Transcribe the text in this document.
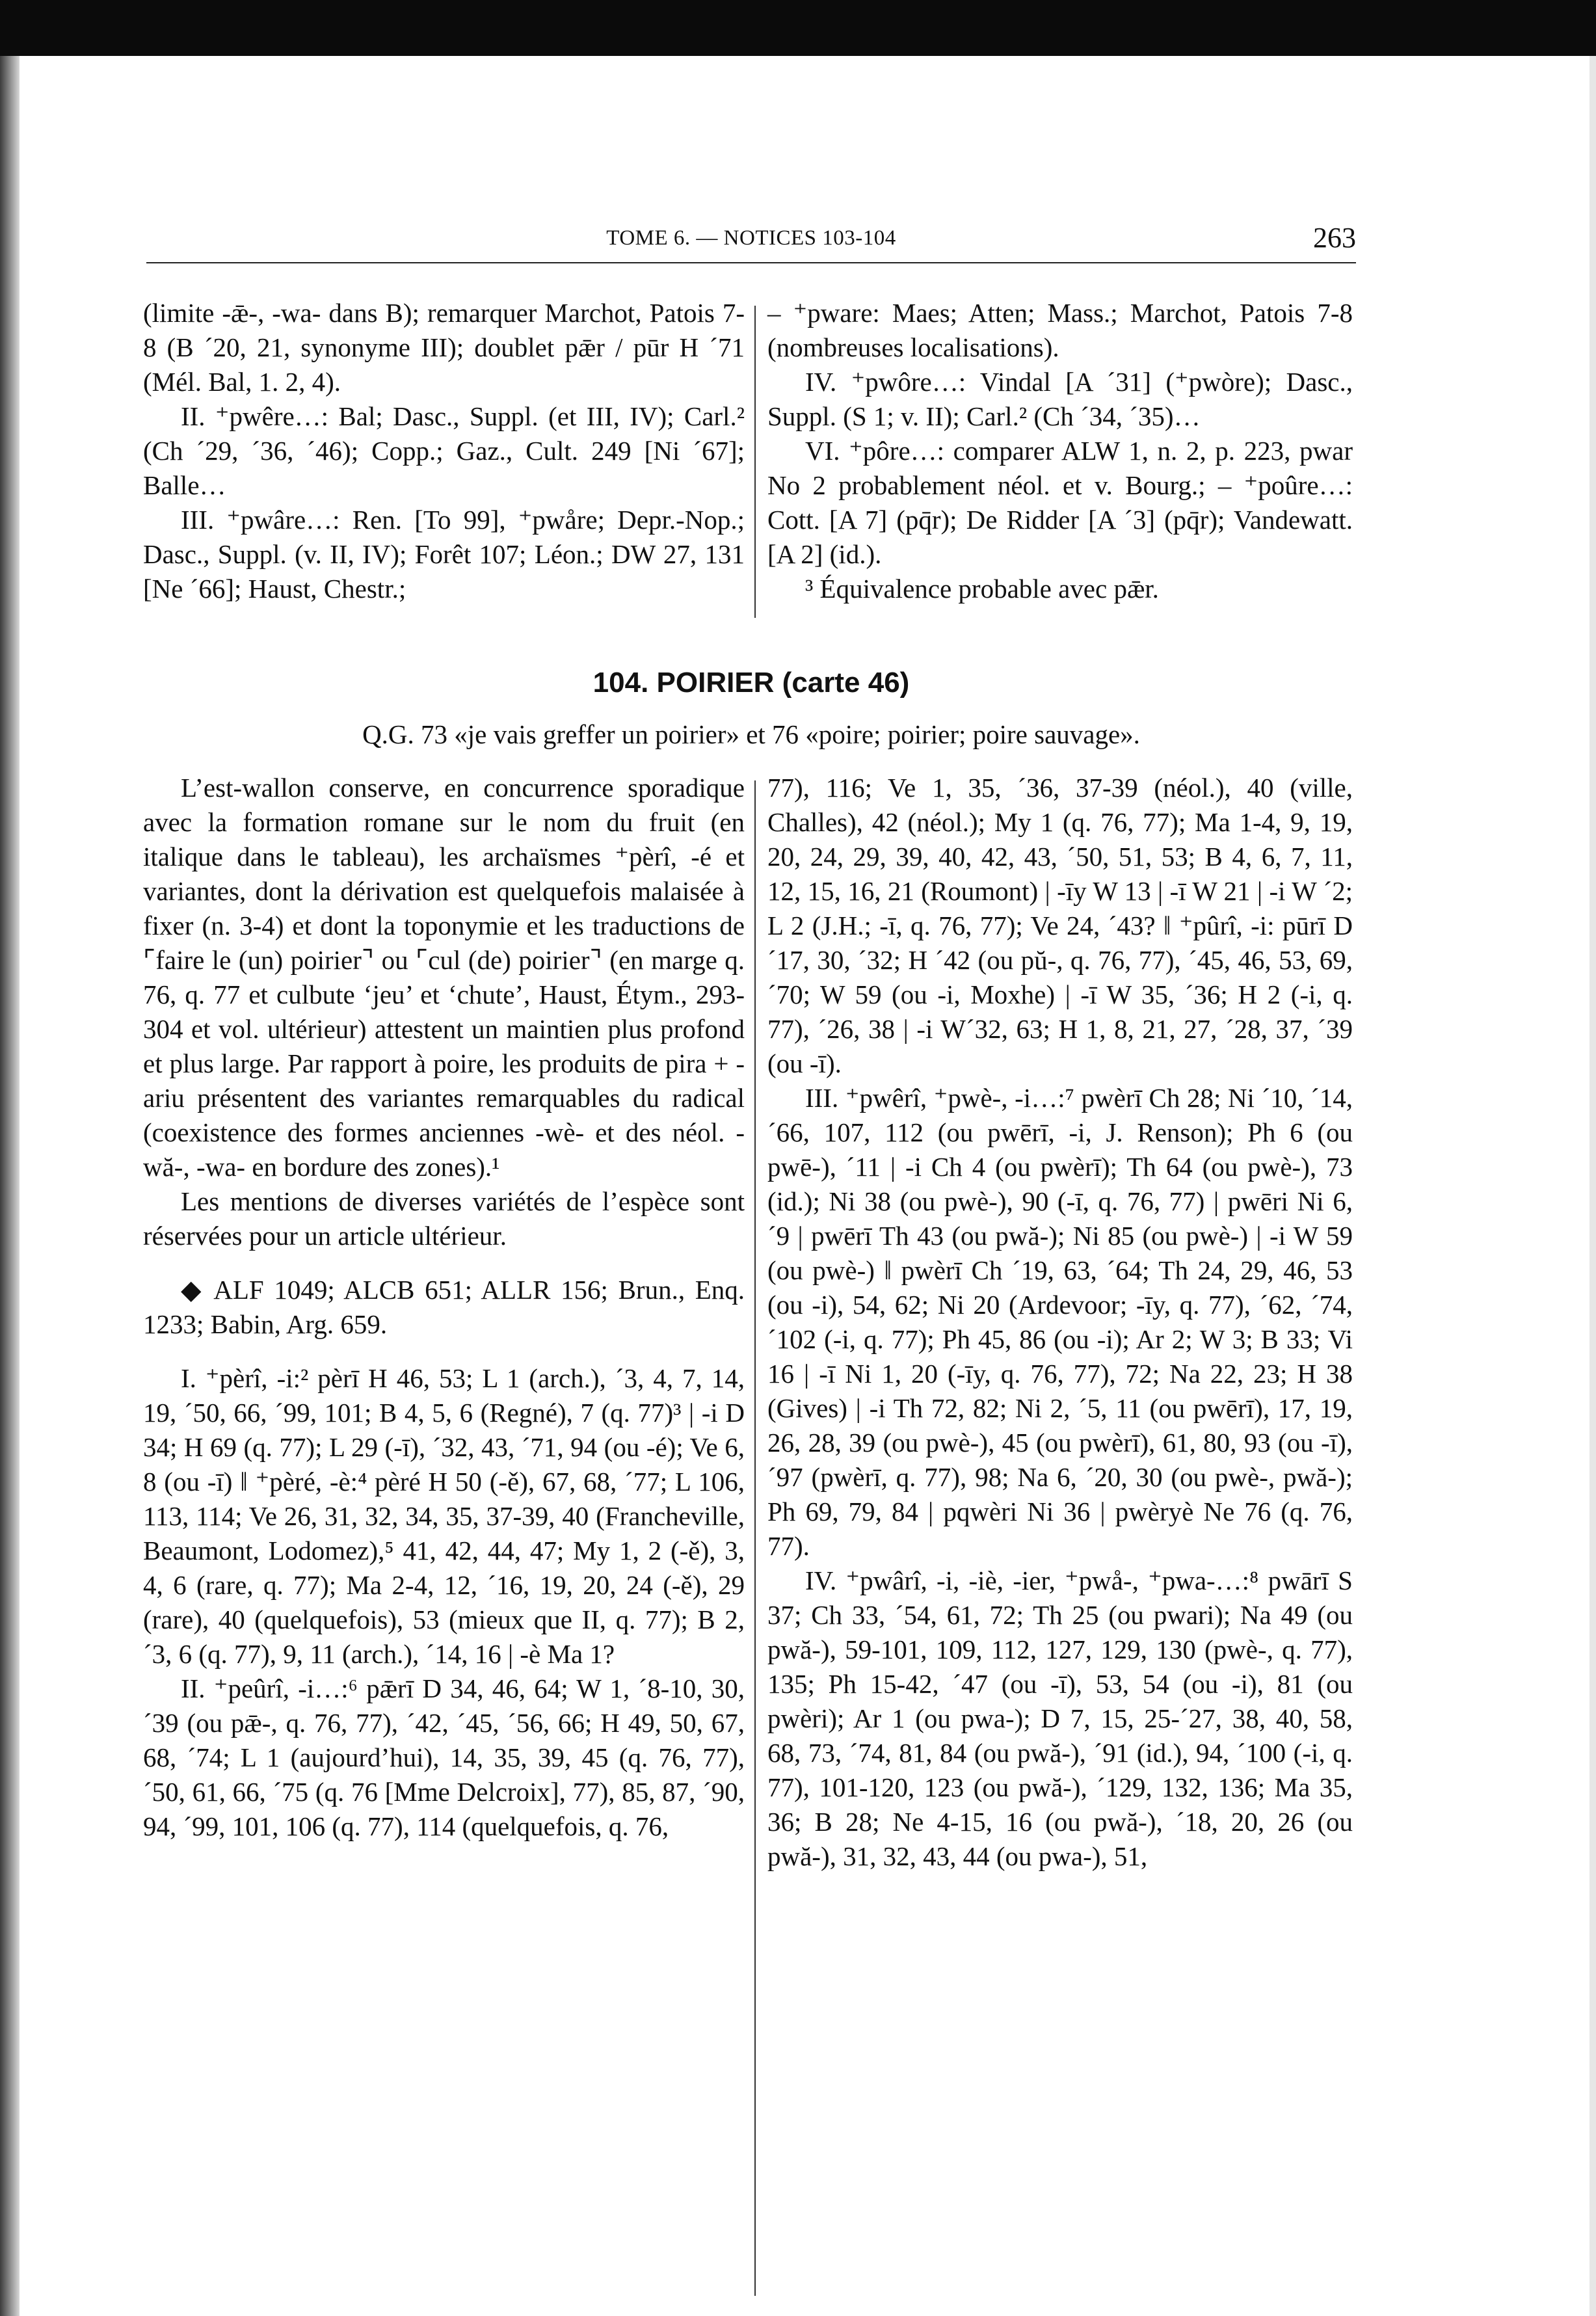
TOME 6. — NOTICES 103-104	263

(limite -ǣ-, -wa- dans B); remarquer Marchot, Patois 7-8 (B ´20, 21, synonyme III); doublet pǣr / pūr H ´71 (Mél. Bal, 1. 2, 4).

II. ⁺pwêre…: Bal; Dasc., Suppl. (et III, IV); Carl.² (Ch ´29, ´36, ´46); Copp.; Gaz., Cult. 249 [Ni ´67]; Balle…

III. ⁺pwâre…: Ren. [To 99], ⁺pwåre; Depr.-Nop.; Dasc., Suppl. (v. II, IV); Forêt 107; Léon.; DW 27, 131 [Ne ´66]; Haust, Chestr.;

– ⁺pware: Maes; Atten; Mass.; Marchot, Patois 7-8 (nombreuses localisations).

IV. ⁺pwôre…: Vindal [A ´31] (⁺pwòre); Dasc., Suppl. (S 1; v. II); Carl.² (Ch ´34, ´35)…

VI. ⁺pôre…: comparer ALW 1, n. 2, p. 223, pwar No 2 probablement néol. et v. Bourg.; – ⁺poûre…: Cott. [A 7] (pq̄r); De Ridder [A ´3] (pq̄r); Vandewatt. [A 2] (id.).

³ Équivalence probable avec pǣr.

104. POIRIER (carte 46)
Q.G. 73 «je vais greffer un poirier» et 76 «poire; poirier; poire sauvage».

L’est-wallon conserve, en concurrence sporadique avec la formation romane sur le nom du fruit (en italique dans le tableau), les archaïsmes ⁺pèrî, -é et variantes, dont la dérivation est quelquefois malaisée à fixer (n. 3-4) et dont la toponymie et les traductions de ⌜faire le (un) poirier⌝ ou ⌜cul (de) poirier⌝ (en marge q. 76, q. 77 et culbute ‘jeu’ et ‘chute’, Haust, Étym., 293-304 et vol. ultérieur) attestent un maintien plus profond et plus large. Par rapport à poire, les produits de pira + -ariu présentent des variantes remarquables du radical (coexistence des formes anciennes -wè- et des néol. -wă-, -wa- en bordure des zones).¹

Les mentions de diverses variétés de l’espèce sont réservées pour un article ultérieur.

◆ ALF 1049; ALCB 651; ALLR 156; Brun., Enq. 1233; Babin, Arg. 659.

I. ⁺pèrî, -i:² pèrī H 46, 53; L 1 (arch.), ´3, 4, 7, 14, 19, ´50, 66, ´99, 101; B 4, 5, 6 (Regné), 7 (q. 77)³ | -i D 34; H 69 (q. 77); L 29 (-ī), ´32, 43, ´71, 94 (ou -é); Ve 6, 8 (ou -ī) ‖ ⁺pèré, -è:⁴ pèré H 50 (-ě), 67, 68, ´77; L 106, 113, 114; Ve 26, 31, 32, 34, 35, 37-39, 40 (Francheville, Beaumont, Lodomez),⁵ 41, 42, 44, 47; My 1, 2 (-ě), 3, 4, 6 (rare, q. 77); Ma 2-4, 12, ´16, 19, 20, 24 (-ě), 29 (rare), 40 (quelquefois), 53 (mieux que II, q. 77); B 2, ´3, 6 (q. 77), 9, 11 (arch.), ´14, 16 | -è Ma 1?

II. ⁺peûrî, -i…:⁶ pǣrī D 34, 46, 64; W 1, ´8-10, 30, ´39 (ou pǣ-, q. 76, 77), ´42, ´45, ´56, 66; H 49, 50, 67, 68, ´74; L 1 (aujourd’hui), 14, 35, 39, 45 (q. 76, 77), ´50, 61, 66, ´75 (q. 76 [Mme Delcroix], 77), 85, 87, ´90, 94, ´99, 101, 106 (q. 77), 114 (quelquefois, q. 76,

77), 116; Ve 1, 35, ´36, 37-39 (néol.), 40 (ville, Challes), 42 (néol.); My 1 (q. 76, 77); Ma 1-4, 9, 19, 20, 24, 29, 39, 40, 42, 43, ´50, 51, 53; B 4, 6, 7, 11, 12, 15, 16, 21 (Roumont) | -īy W 13 | -ī W 21 | -i W ´2; L 2 (J.H.; -ī, q. 76, 77); Ve 24, ´43? ‖ ⁺pûrî, -i: pūrī D ´17, 30, ´32; H ´42 (ou pŭ-, q. 76, 77), ´45, 46, 53, 69, ´70; W 59 (ou -i, Moxhe) | -ī W 35, ´36; H 2 (-i, q. 77), ´26, 38 | -i W´32, 63; H 1, 8, 21, 27, ´28, 37, ´39 (ou -ī).

III. ⁺pwêrî, ⁺pwè-, -i…:⁷ pwèrī Ch 28; Ni ´10, ´14, ´66, 107, 112 (ou pwērī, -i, J. Renson); Ph 6 (ou pwē-), ´11 | -i Ch 4 (ou pwèrī); Th 64 (ou pwè-), 73 (id.); Ni 38 (ou pwè-), 90 (-ī, q. 76, 77) | pwēri Ni 6, ´9 | pwērī Th 43 (ou pwă-); Ni 85 (ou pwè-) | -i W 59 (ou pwè-) ‖ pwèrī Ch ´19, 63, ´64; Th 24, 29, 46, 53 (ou -i), 54, 62; Ni 20 (Ardevoor; -īy, q. 77), ´62, ´74, ´102 (-i, q. 77); Ph 45, 86 (ou -i); Ar 2; W 3; B 33; Vi 16 | -ī Ni 1, 20 (-īy, q. 76, 77), 72; Na 22, 23; H 38 (Gives) | -i Th 72, 82; Ni 2, ´5, 11 (ou pwērī), 17, 19, 26, 28, 39 (ou pwè-), 45 (ou pwèrī), 61, 80, 93 (ou -ī), ´97 (pwèrī, q. 77), 98; Na 6, ´20, 30 (ou pwè-, pwă-); Ph 69, 79, 84 | pqwèri Ni 36 | pwèryè Ne 76 (q. 76, 77).

IV. ⁺pwârî, -i, -iè, -ier, ⁺pwå-, ⁺pwa-…:⁸ pwārī S 37; Ch 33, ´54, 61, 72; Th 25 (ou pwari); Na 49 (ou pwă-), 59-101, 109, 112, 127, 129, 130 (pwè-, q. 77), 135; Ph 15-42, ´47 (ou -ī), 53, 54 (ou -i), 81 (ou pwèri); Ar 1 (ou pwa-); D 7, 15, 25-´27, 38, 40, 58, 68, 73, ´74, 81, 84 (ou pwă-), ´91 (id.), 94, ´100 (-i, q. 77), 101-120, 123 (ou pwă-), ´129, 132, 136; Ma 35, 36; B 28; Ne 4-15, 16 (ou pwă-), ´18, 20, 26 (ou pwă-), 31, 32, 43, 44 (ou pwa-), 51,
